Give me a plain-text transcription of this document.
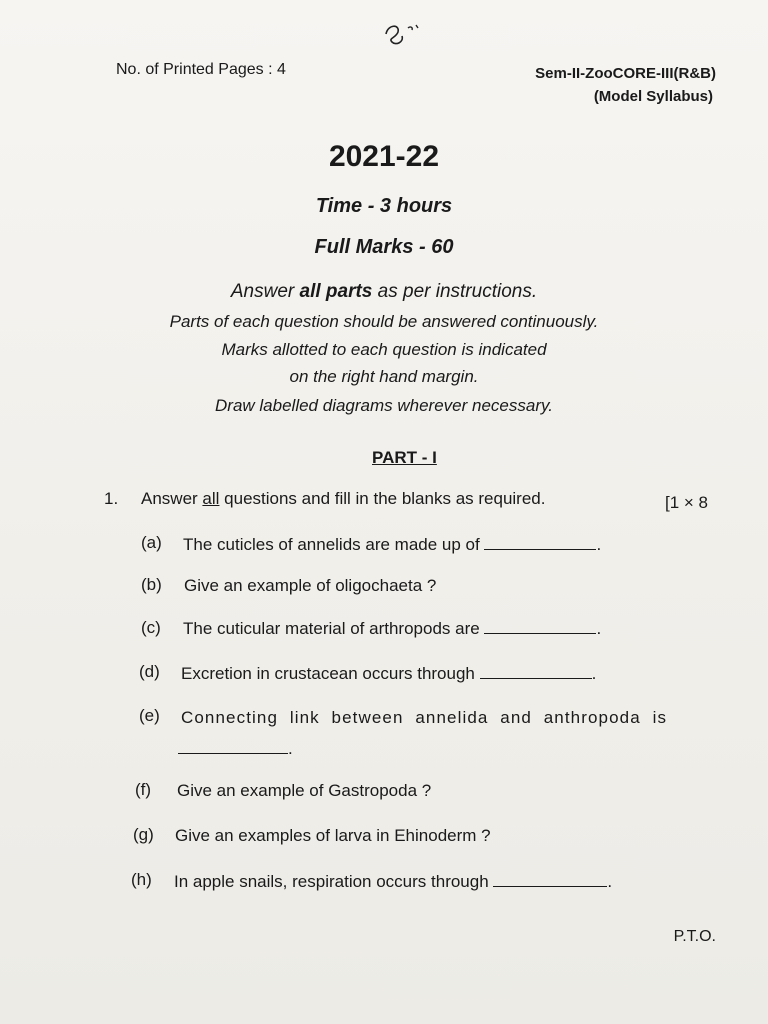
No. of Printed Pages : 4	Sem-II-ZooCORE-III(R&B)
(Model Syllabus)
2021-22
Time - 3 hours
Full Marks - 60
Answer all parts as per instructions.
Parts of each question should be answered continuously.
Marks allotted to each question is indicated
on the right hand margin.
Draw labelled diagrams wherever necessary.
PART - I
1. Answer all questions and fill in the blanks as required.	[1 × 8
(a) The cuticles of annelids are made up of	.
(b) Give an example of oligochaeta ?
(c) The cuticular material of arthropods are	.
(d) Excretion in crustacean occurs through	.
(e) Connecting link between annelida and anthropoda is
.
(f) Give an example of Gastropoda ?
(g) Give an examples of larva in Ehinoderm ?
(h) In apple snails, respiration occurs through	.
P.T.O.
